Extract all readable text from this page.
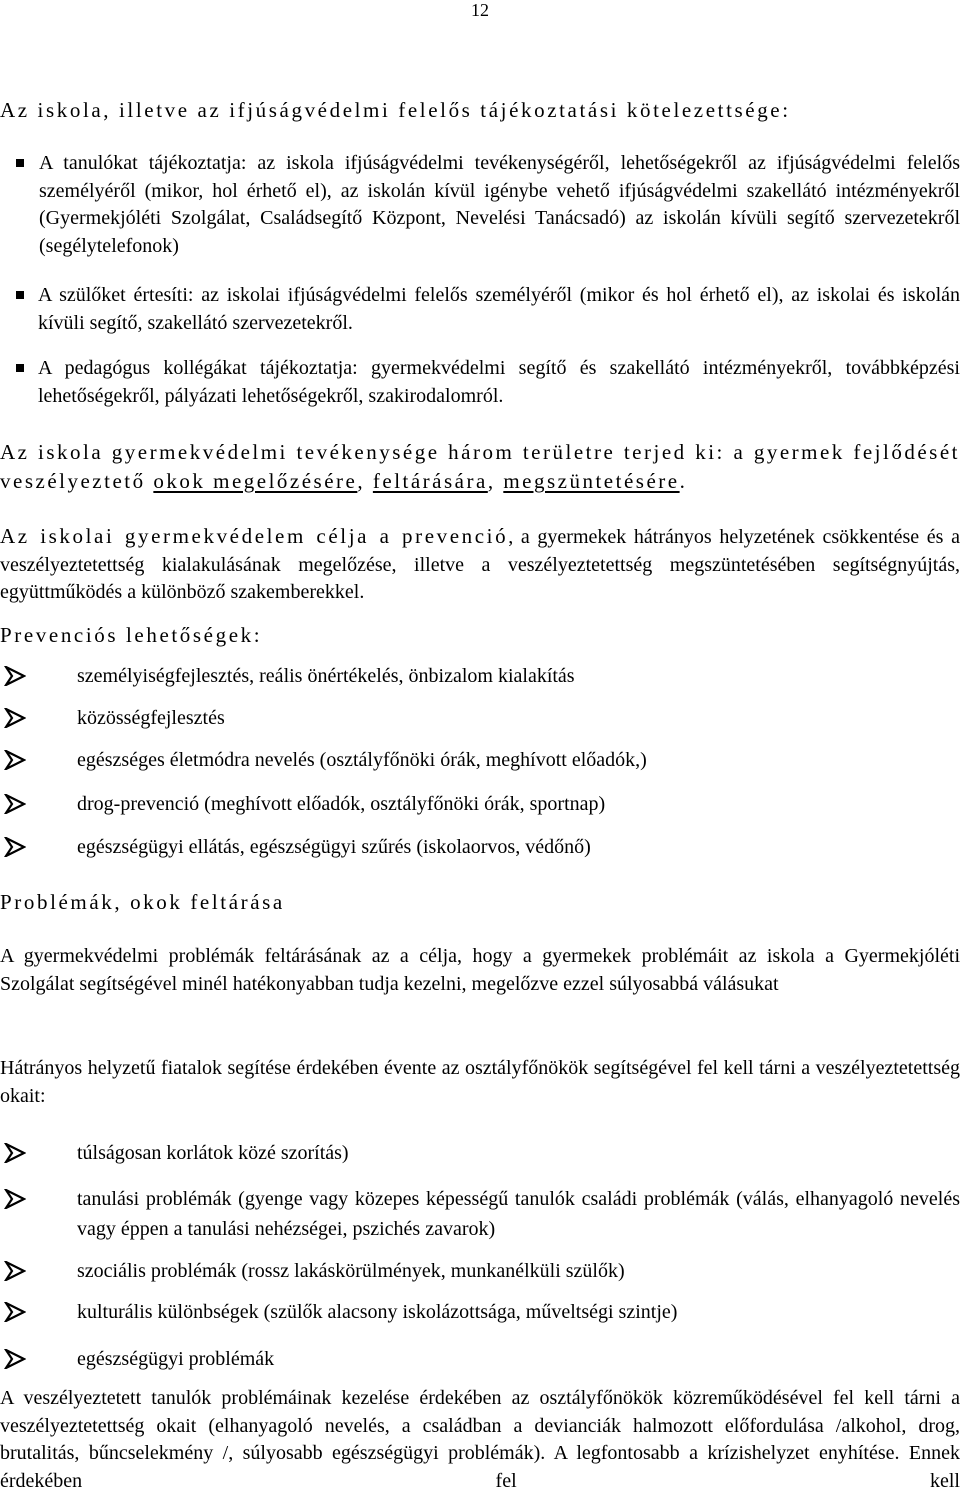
12
Az iskola, illetve az ifjúságvédelmi felelős tájékoztatási kötelezettsége:
A tanulókat tájékoztatja: az iskola ifjúságvédelmi tevékenységéről, lehetőségekről az ifjúságvédelmi felelős személyéről (mikor, hol érhető el), az iskolán kívül igénybe vehető ifjúságvédelmi szakellátó intézményekről (Gyermekjóléti Szolgálat, Családsegítő Központ, Nevelési Tanácsadó) az iskolán kívüli segítő szervezetekről (segélytelefonok)
A szülőket értesíti: az iskolai ifjúságvédelmi felelős személyéről (mikor és hol érhető el), az iskolai és iskolán kívüli segítő, szakellátó szervezetekről.
A pedagógus kollégákat tájékoztatja: gyermekvédelmi segítő és szakellátó intézményekről, továbbképzési lehetőségekről, pályázati lehetőségekről, szakirodalomról.

Az iskola gyermekvédelmi tevékenysége három területre terjed ki: a gyermek fejlődését veszélyeztető okok megelőzésére, feltárására, megszüntetésére.

Az iskolai gyermekvédelem célja a prevenció, a gyermekek hátrányos helyzetének csökkentése és a veszélyeztetettség kialakulásának megelőzése, illetve a veszélyeztetettség megszüntetésében segítségnyújtás, együttműködés a különböző szakemberekkel.

Prevenciós lehetőségek:
személyiségfejlesztés, reális önértékelés, önbizalom kialakítás
közösségfejlesztés
egészséges életmódra nevelés (osztályfőnöki órák, meghívott előadók,)
drog-prevenció (meghívott előadók, osztályfőnöki órák, sportnap)
egészségügyi ellátás, egészségügyi szűrés (iskolaorvos, védőnő)
Problémák, okok feltárása

A gyermekvédelmi problémák feltárásának az a célja, hogy a gyermekek problémáit az iskola a Gyermekjóléti Szolgálat segítségével minél hatékonyabban tudja kezelni, megelőzve ezzel súlyosabbá válásukat

Hátrányos helyzetű fiatalok segítése érdekében évente az osztályfőnökök segítségével fel kell tárni a veszélyeztetettség okait:

túlságosan korlátok közé szorítás)
tanulási problémák (gyenge vagy közepes képességű tanulók családi problémák (válás, elhanyagoló nevelés vagy éppen a tanulási nehézségei, pszichés zavarok)
szociális problémák (rossz lakáskörülmények, munkanélküli szülők)
kulturális különbségek (szülők alacsony iskolázottsága, műveltségi szintje)
egészségügyi problémák

A veszélyeztetett tanulók problémáinak kezelése érdekében az osztályfőnökök közreműködésével fel kell tárni a veszélyeztetettség okait (elhanyagoló nevelés, a családban a devianciák halmozott előfordulása /alkohol, drog, brutalitás, bűncselekmény /, súlyosabb egészségügyi problémák). A legfontosabb a krízishelyzet enyhítése. Ennek érdekében fel kell
